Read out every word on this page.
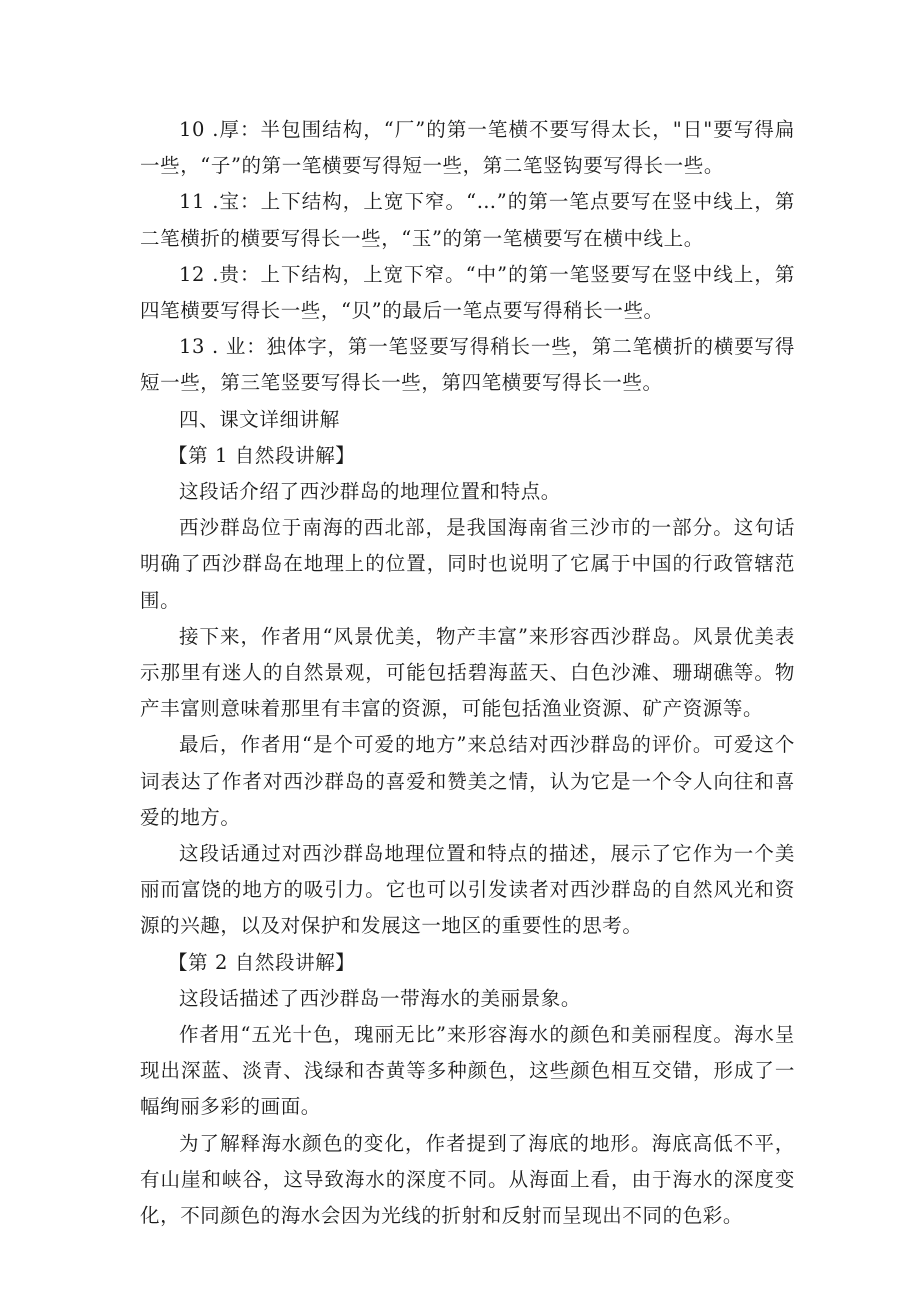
10 .厚：半包围结构，“厂”的第一笔横不要写得太长，"日"要写得扁一些，“子”的第一笔横要写得短一些，第二笔竖钩要写得长一些。

11 .宝：上下结构，上宽下窄。“…”的第一笔点要写在竖中线上，第二笔横折的横要写得长一些，“玉”的第一笔横要写在横中线上。

12 .贵：上下结构，上宽下窄。“中”的第一笔竖要写在竖中线上，第四笔横要写得长一些，“贝”的最后一笔点要写得稍长一些。

13 . 业：独体字，第一笔竖要写得稍长一些，第二笔横折的横要写得短一些，第三笔竖要写得长一些，第四笔横要写得长一些。

四、课文详细讲解

【第 1 自然段讲解】

这段话介绍了西沙群岛的地理位置和特点。

西沙群岛位于南海的西北部，是我国海南省三沙市的一部分。这句话明确了西沙群岛在地理上的位置，同时也说明了它属于中国的行政管辖范围。

接下来，作者用“风景优美，物产丰富”来形容西沙群岛。风景优美表示那里有迷人的自然景观，可能包括碧海蓝天、白色沙滩、珊瑚礁等。物产丰富则意味着那里有丰富的资源，可能包括渔业资源、矿产资源等。

最后，作者用“是个可爱的地方”来总结对西沙群岛的评价。可爱这个词表达了作者对西沙群岛的喜爱和赞美之情，认为它是一个令人向往和喜爱的地方。

这段话通过对西沙群岛地理位置和特点的描述，展示了它作为一个美丽而富饶的地方的吸引力。它也可以引发读者对西沙群岛的自然风光和资源的兴趣，以及对保护和发展这一地区的重要性的思考。

【第 2 自然段讲解】

这段话描述了西沙群岛一带海水的美丽景象。

作者用“五光十色，瑰丽无比”来形容海水的颜色和美丽程度。海水呈现出深蓝、淡青、浅绿和杏黄等多种颜色，这些颜色相互交错，形成了一幅绚丽多彩的画面。

为了解释海水颜色的变化，作者提到了海底的地形。海底高低不平，有山崖和峡谷，这导致海水的深度不同。从海面上看，由于海水的深度变化，不同颜色的海水会因为光线的折射和反射而呈现出不同的色彩。
